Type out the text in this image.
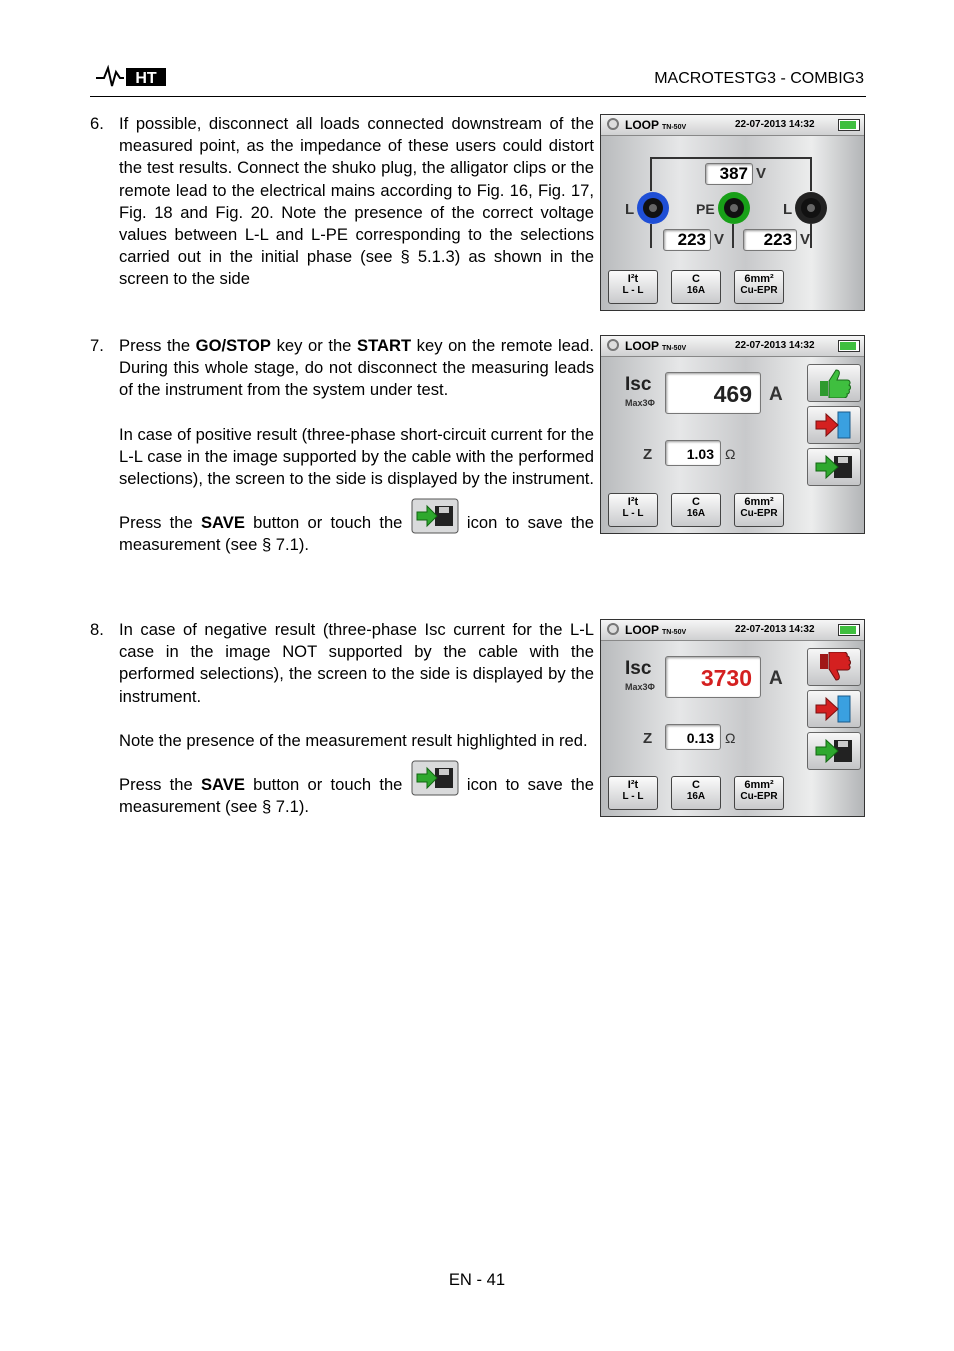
HT	MACROTESTG3 - COMBIG3
6. If possible, disconnect all loads connected downstream of the measured point, as the impedance of these users could distort the test results. Connect the shuko plug, the alligator clips or the remote lead to the electrical mains according to Fig. 16, Fig. 17, Fig. 18 and Fig. 20. Note the presence of the correct voltage values between L-L and L-PE corresponding to the selections carried out in the initial phase (see § 5.1.3) as shown in the screen to the side

7. Press the GO/STOP key or the START key on the remote lead. During this whole stage, do not disconnect the measuring leads of the instrument from the system under test.

In case of positive result (three-phase short-circuit current for the L-L case in the image supported by the cable with the performed selections), the screen to the side is displayed by the instrument.

Press the SAVE button or touch the	icon to save the measurement (see § 7.1).

8. In case of negative result (three-phase Isc current for the L-L case in the image NOT supported by the cable with the performed selections), the screen to the side is displayed by the instrument.

Note the presence of the measurement result highlighted in red.

Press the SAVE button or touch the	icon to save the measurement (see § 7.1).

LOOP TN-50V	22-07-2013 14:32
387 V
L	PE	L
223 V	223 V
I²t
L - L
C
16A
6mm²
Cu-EPR
LOOP TN-50V	22-07-2013 14:32
Isc
Max3Φ	469 A
Z	1.03 Ω
I²t
L - L
C
16A
6mm²
Cu-EPR
LOOP TN-50V	22-07-2013 14:32
Isc
Max3Φ	3730 A
Z	0.13 Ω
I²t
L - L
C
16A
6mm²
Cu-EPR
EN - 41
